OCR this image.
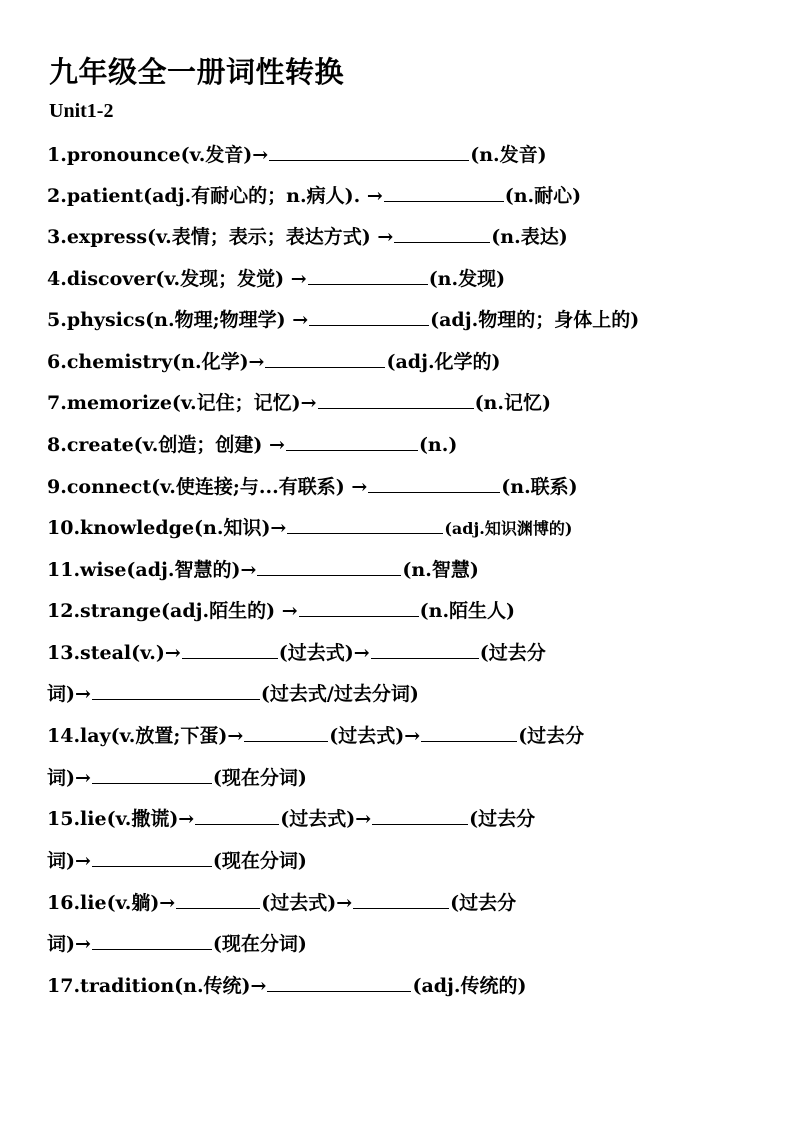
九年级全一册词性转换
Unit1-2
1.pronounce(v.发音)→	(n.发音)
2.patient(adj.有耐心的；n.病人). →	(n.耐心)
3.express(v.表情；表示；表达方式) →	(n.表达)
4.discover(v.发现；发觉) →	(n.发现)
5.physics(n.物理;物理学) →	(adj.物理的；身体上的)
6.chemistry(n.化学)→	(adj.化学的)
7.memorize(v.记住；记忆)→	(n.记忆)
8.create(v.创造；创建) →	(n.)
9.connect(v.使连接;与...有联系) →	(n.联系)
10.knowledge(n.知识)→	(adj.知识渊博的)
11.wise(adj.智慧的)→	(n.智慧)
12.strange(adj.陌生的) →	(n.陌生人)
13.steal(v.)→	(过去式)→	(过去分
词)→	(过去式/过去分词)
14.lay(v.放置;下蛋)→	(过去式)→	(过去分
词)→	(现在分词)
15.lie(v.撒谎)→	(过去式)→	(过去分
词)→	(现在分词)
16.lie(v.躺)→	(过去式)→	(过去分
词)→	(现在分词)
17.tradition(n.传统)→	(adj.传统的)
